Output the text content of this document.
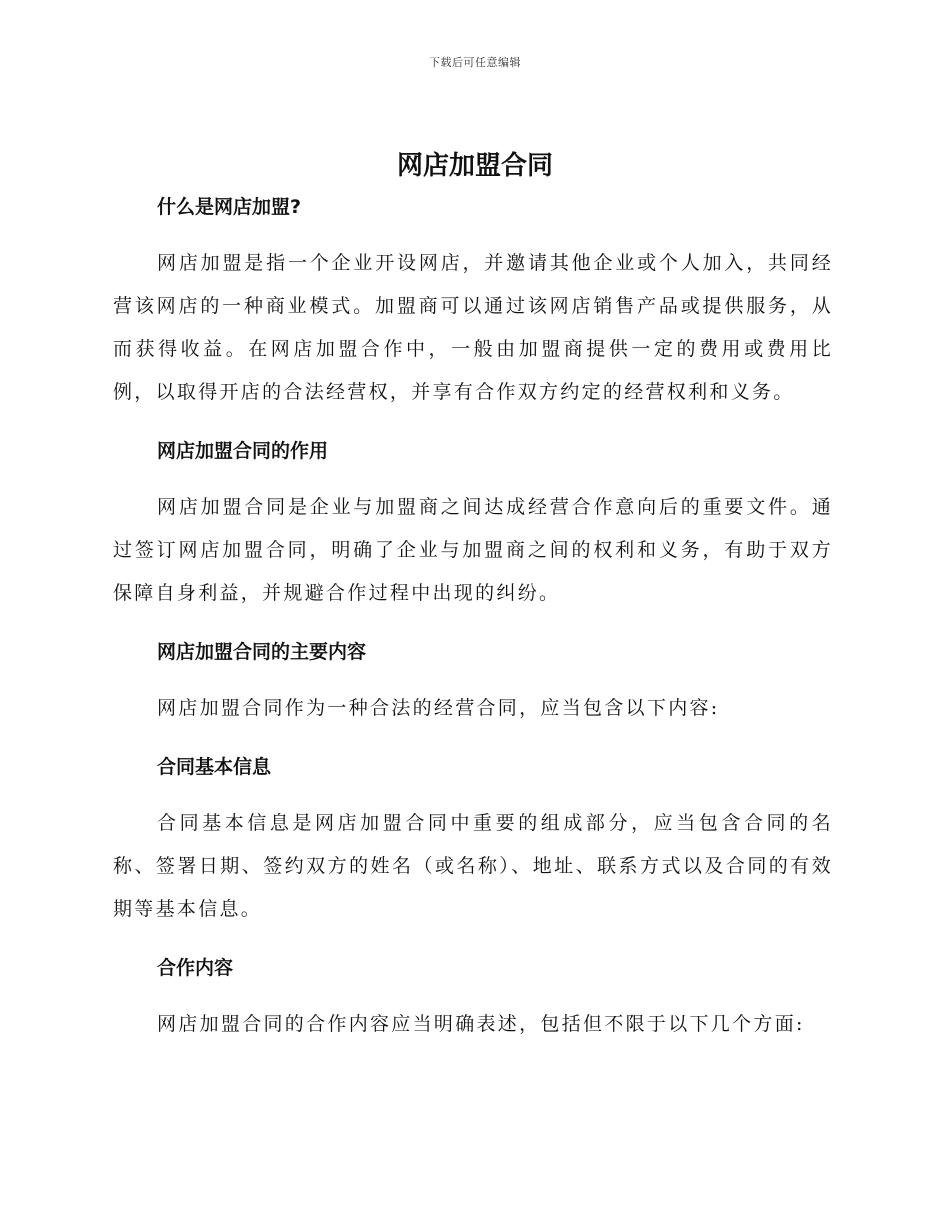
下载后可任意编辑
网店加盟合同
什么是网店加盟?

网店加盟是指一个企业开设网店，并邀请其他企业或个人加入，共同经营该网店的一种商业模式。加盟商可以通过该网店销售产品或提供服务，从而获得收益。在网店加盟合作中，一般由加盟商提供一定的费用或费用比例，以取得开店的合法经营权，并享有合作双方约定的经营权利和义务。

网店加盟合同的作用

网店加盟合同是企业与加盟商之间达成经营合作意向后的重要文件。通过签订网店加盟合同，明确了企业与加盟商之间的权利和义务，有助于双方保障自身利益，并规避合作过程中出现的纠纷。

网店加盟合同的主要内容

网店加盟合同作为一种合法的经营合同，应当包含以下内容:

合同基本信息

合同基本信息是网店加盟合同中重要的组成部分，应当包含合同的名称、签署日期、签约双方的姓名（或名称）、地址、联系方式以及合同的有效期等基本信息。

合作内容

网店加盟合同的合作内容应当明确表述，包括但不限于以下几个方面:
